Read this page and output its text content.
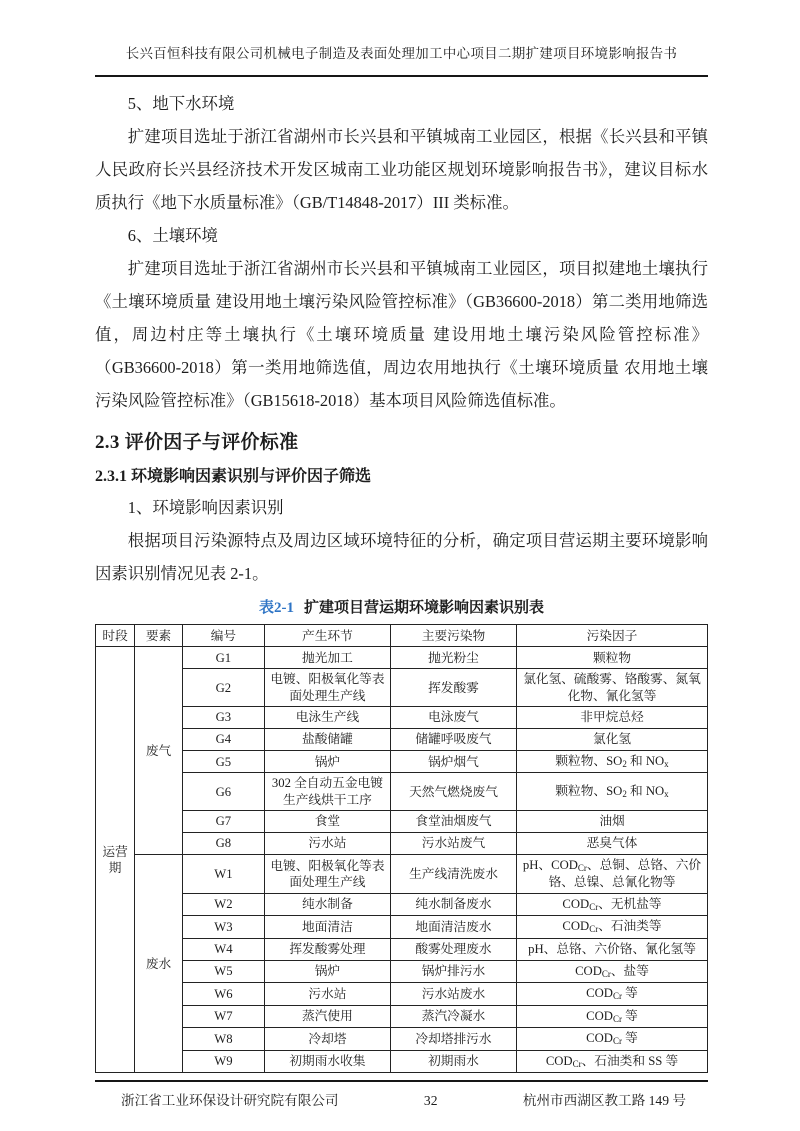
长兴百恒科技有限公司机械电子制造及表面处理加工中心项目二期扩建项目环境影响报告书

5、地下水环境

扩建项目选址于浙江省湖州市长兴县和平镇城南工业园区，根据《长兴县和平镇人民政府长兴县经济技术开发区城南工业功能区规划环境影响报告书》，建议目标水质执行《地下水质量标准》（GB/T14848-2017）III 类标准。

6、土壤环境

扩建项目选址于浙江省湖州市长兴县和平镇城南工业园区，项目拟建地土壤执行《土壤环境质量 建设用地土壤污染风险管控标准》（GB36600-2018）第二类用地筛选值，周边村庄等土壤执行《土壤环境质量 建设用地土壤污染风险管控标准》（GB36600-2018）第一类用地筛选值，周边农用地执行《土壤环境质量 农用地土壤污染风险管控标准》（GB15618-2018）基本项目风险筛选值标准。

2.3 评价因子与评价标准
2.3.1 环境影响因素识别与评价因子筛选

1、环境影响因素识别

根据项目污染源特点及周边区域环境特征的分析，确定项目营运期主要环境影响因素识别情况见表 2-1。

表2-1 扩建项目营运期环境影响因素识别表
时段	要素	编号	产生环节	主要污染物	污染因子
运营期	废气	G1	抛光加工	抛光粉尘	颗粒物
		G2	电镀、阳极氧化等表面处理生产线	挥发酸雾	氯化氢、硫酸雾、铬酸雾、氮氧化物、氰化氢等
		G3	电泳生产线	电泳废气	非甲烷总烃
		G4	盐酸储罐	储罐呼吸废气	氯化氢
		G5	锅炉	锅炉烟气	颗粒物、$SO_2$ 和 $NO_x$
		G6	302 全自动五金电镀生产线烘干工序	天然气燃烧废气	颗粒物、$SO_2$ 和 $NO_x$
		G7	食堂	食堂油烟废气	油烟
		G8	污水站	污水站废气	恶臭气体
	废水	W1	电镀、阳极氧化等表面处理生产线	生产线清洗废水	pH、$COD_{Cr}$、总铜、总铬、六价铬、总镍、总氰化物等
		W2	纯水制备	纯水制备废水	$COD_{Cr}$、无机盐等
		W3	地面清洁	地面清洁废水	$COD_{Cr}$、石油类等
		W4	挥发酸雾处理	酸雾处理废水	pH、总铬、六价铬、氰化氢等
		W5	锅炉	锅炉排污水	$COD_{Cr}$、盐等
		W6	污水站	污水站废水	$COD_{Cr}$ 等
		W7	蒸汽使用	蒸汽冷凝水	$COD_{Cr}$ 等
		W8	冷却塔	冷却塔排污水	$COD_{Cr}$ 等
		W9	初期雨水收集	初期雨水	$COD_{Cr}$、石油类和 SS 等
浙江省工业环保设计研究院有限公司	32	杭州市西湖区教工路 149 号
